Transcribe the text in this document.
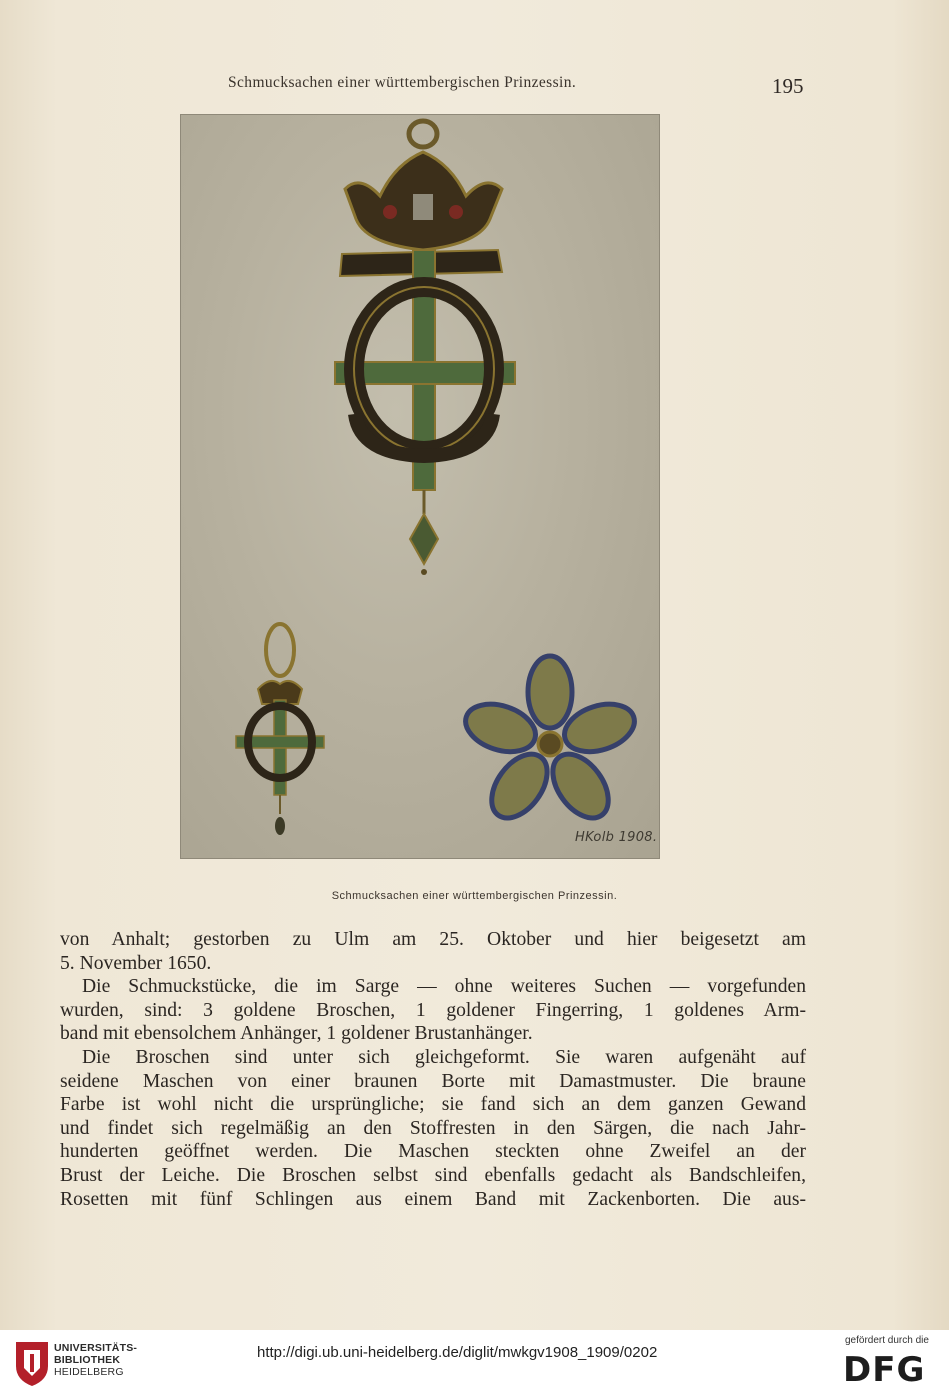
Schmucksachen einer württembergischen Prinzessin.	195
HKolb 1908.
Schmucksachen einer württembergischen Prinzessin.

von Anhalt; gestorben zu Ulm am 25. Oktober und hier beigesetzt am

5. November 1650.

Die Schmuckstücke, die im Sarge — ohne weiteres Suchen — vorgefunden

wurden, sind: 3 goldene Broschen, 1 goldener Fingerring, 1 goldenes Arm-

band mit ebensolchem Anhänger, 1 goldener Brustanhänger.

Die Broschen sind unter sich gleichgeformt. Sie waren aufgenäht auf

seidene Maschen von einer braunen Borte mit Damastmuster. Die braune

Farbe ist wohl nicht die ursprüngliche; sie fand sich an dem ganzen Gewand

und findet sich regelmäßig an den Stoffresten in den Särgen, die nach Jahr-

hunderten geöffnet werden. Die Maschen steckten ohne Zweifel an der

Brust der Leiche. Die Broschen selbst sind ebenfalls gedacht als Bandschleifen,

Rosetten mit fünf Schlingen aus einem Band mit Zackenborten. Die aus-

UNIVERSITÄTS-
BIBLIOTHEK
HEIDELBERG
http://digi.ub.uni-heidelberg.de/diglit/mwkgv1908_1909/0202
gefördert durch die
DFG
